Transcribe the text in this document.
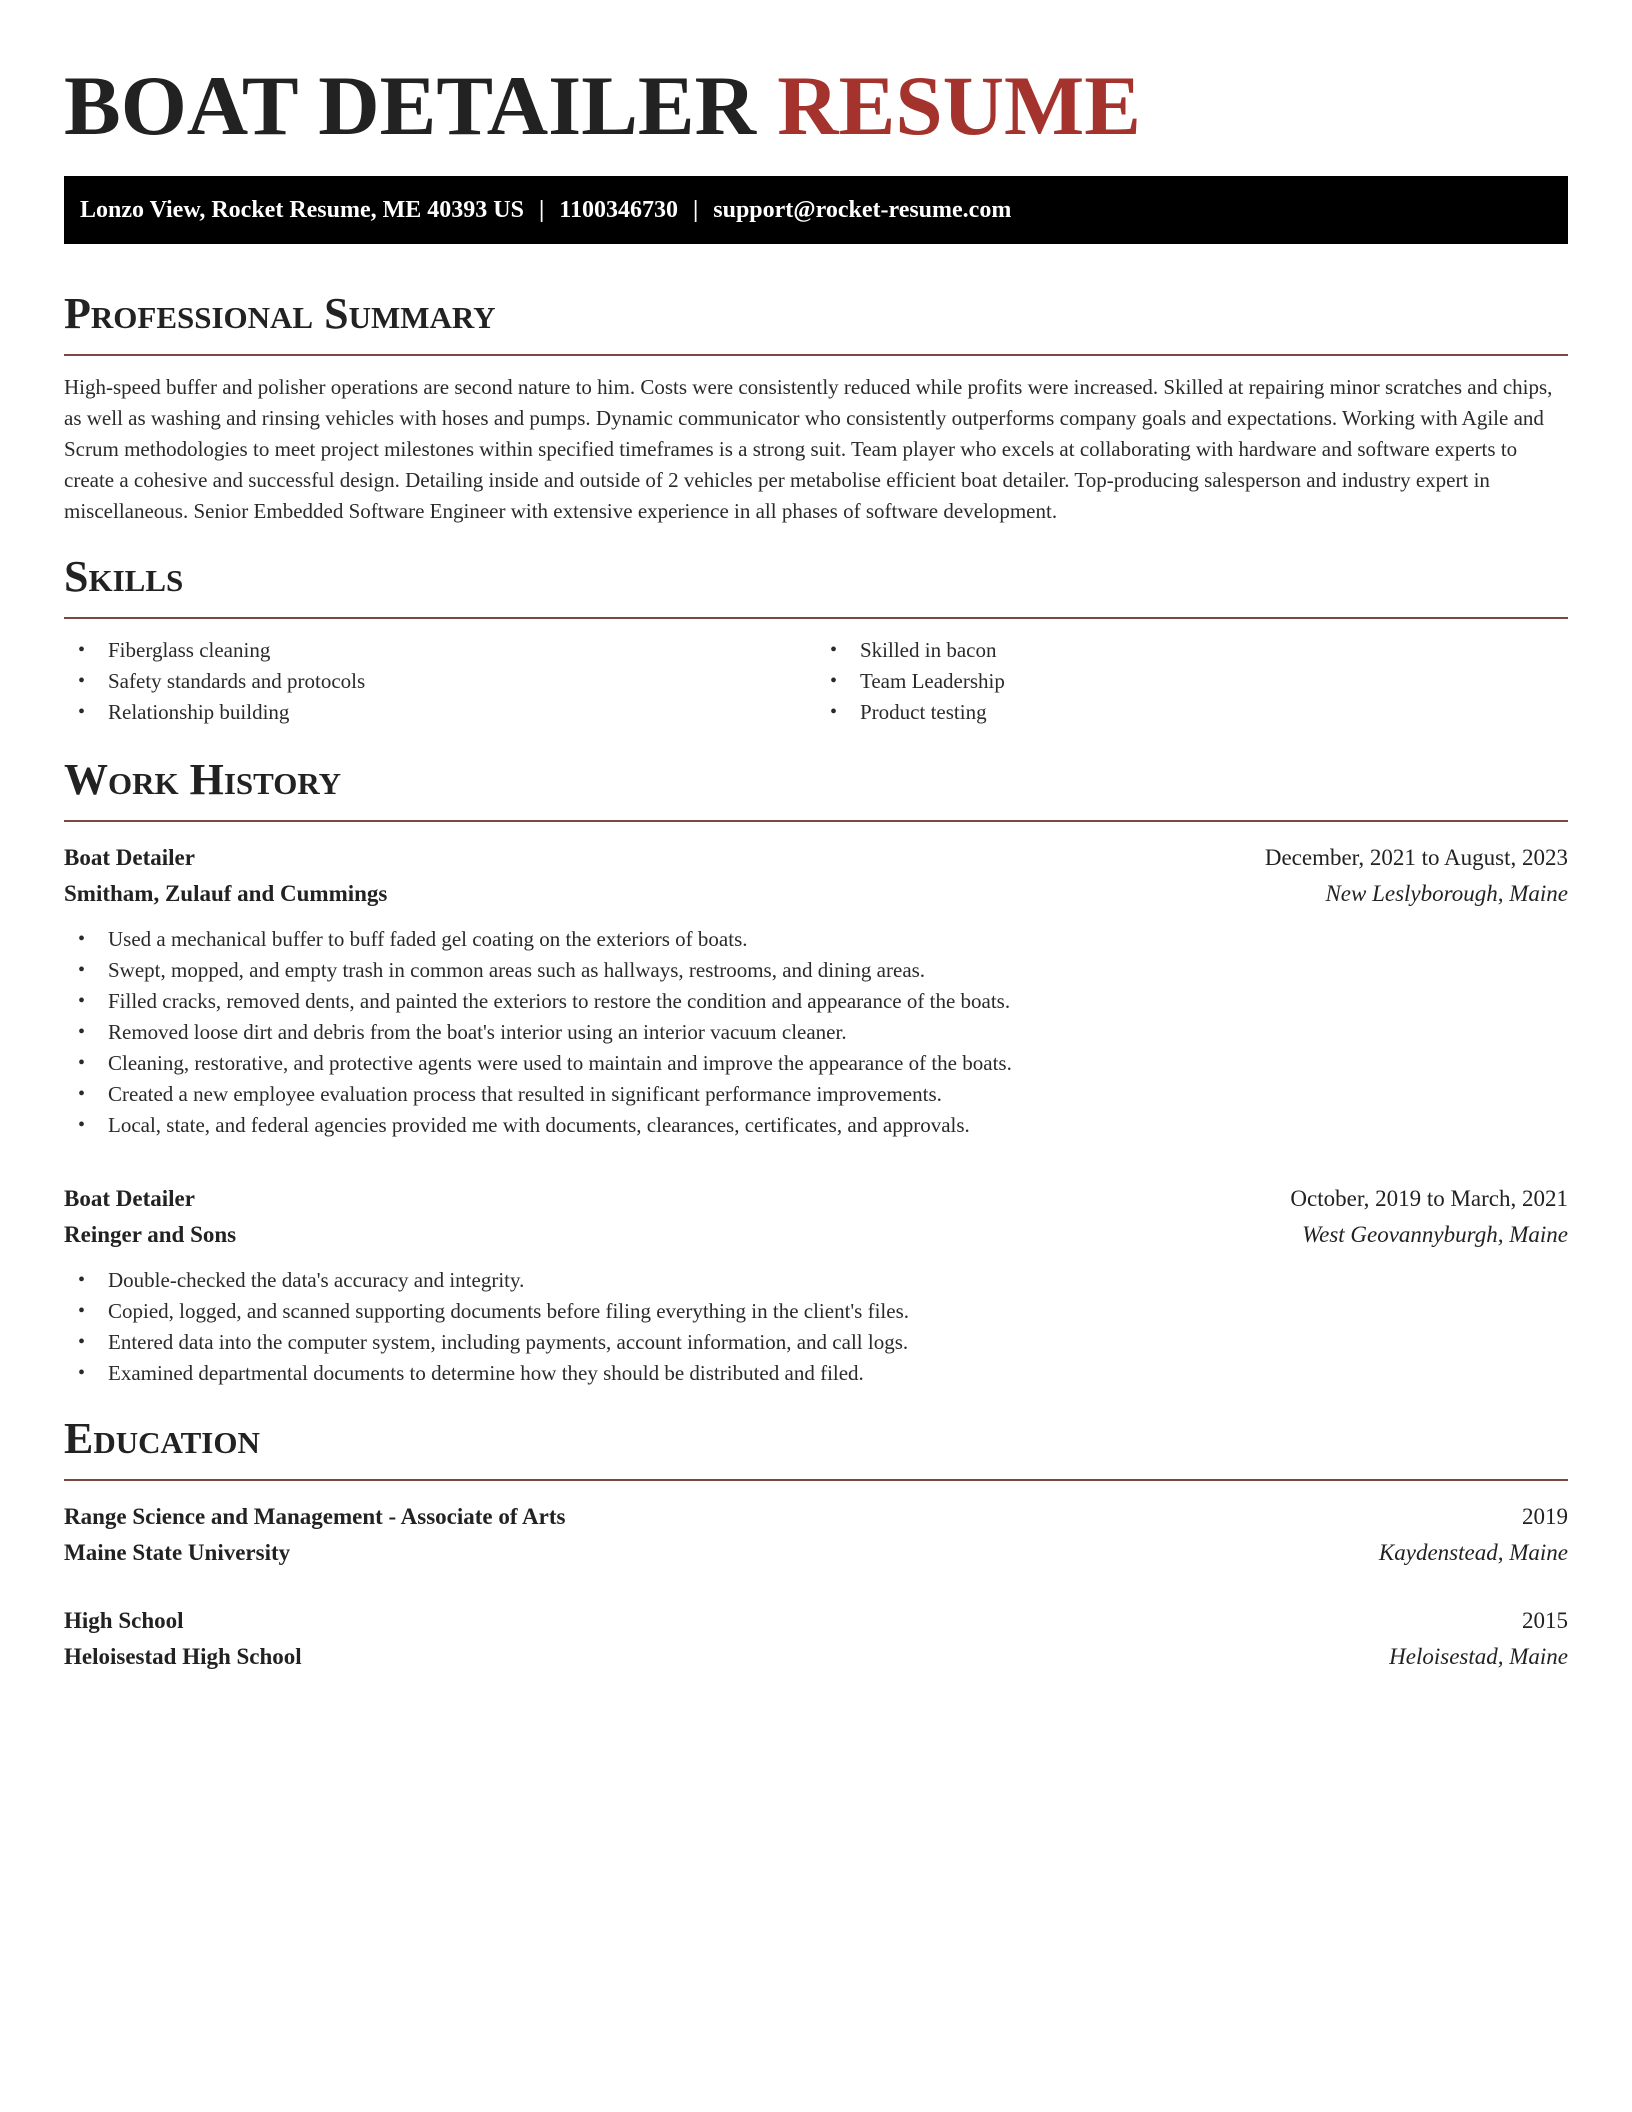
BOAT DETAILER RESUME
Lonzo View, Rocket Resume, ME 40393 US | 1100346730 | support@rocket-resume.com
Professional Summary

High-speed buffer and polisher operations are second nature to him. Costs were consistently reduced while profits were increased. Skilled at repairing minor scratches and chips, as well as washing and rinsing vehicles with hoses and pumps. Dynamic communicator who consistently outperforms company goals and expectations. Working with Agile and Scrum methodologies to meet project milestones within specified timeframes is a strong suit. Team player who excels at collaborating with hardware and software experts to create a cohesive and successful design. Detailing inside and outside of 2 vehicles per metabolise efficient boat detailer. Top-producing salesperson and industry expert in miscellaneous. Senior Embedded Software Engineer with extensive experience in all phases of software development.

Skills
• Fiberglass cleaning
• Safety standards and protocols
• Relationship building
• Skilled in bacon
• Team Leadership
• Product testing
Work History
Boat Detailer	December, 2021 to August, 2023
Smitham, Zulauf and Cummings	New Leslyborough, Maine
• Used a mechanical buffer to buff faded gel coating on the exteriors of boats.
• Swept, mopped, and empty trash in common areas such as hallways, restrooms, and dining areas.
• Filled cracks, removed dents, and painted the exteriors to restore the condition and appearance of the boats.
• Removed loose dirt and debris from the boat's interior using an interior vacuum cleaner.
• Cleaning, restorative, and protective agents were used to maintain and improve the appearance of the boats.
• Created a new employee evaluation process that resulted in significant performance improvements.
• Local, state, and federal agencies provided me with documents, clearances, certificates, and approvals.
Boat Detailer	October, 2019 to March, 2021
Reinger and Sons	West Geovannyburgh, Maine
• Double-checked the data's accuracy and integrity.
• Copied, logged, and scanned supporting documents before filing everything in the client's files.
• Entered data into the computer system, including payments, account information, and call logs.
• Examined departmental documents to determine how they should be distributed and filed.
Education
Range Science and Management - Associate of Arts	2019
Maine State University	Kaydenstead, Maine
High School	2015
Heloisestad High School	Heloisestad, Maine
